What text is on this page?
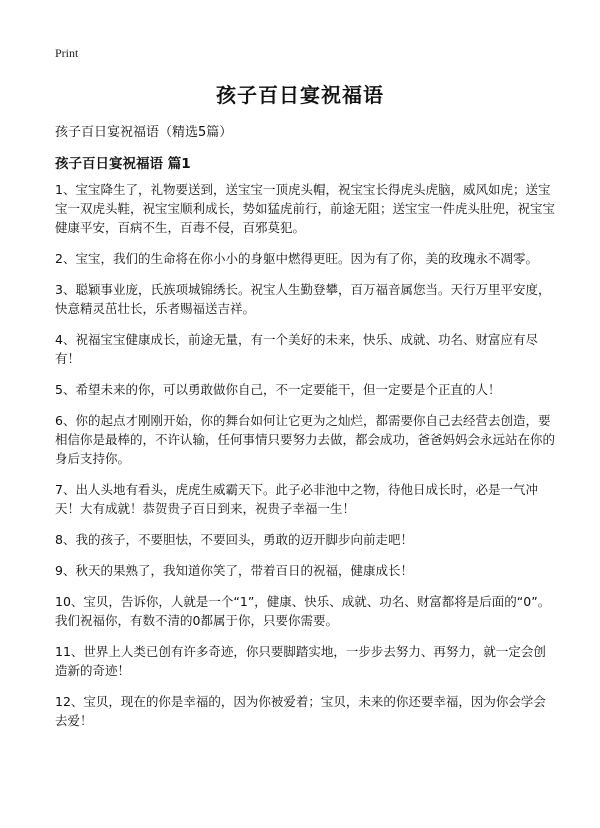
Print
孩子百日宴祝福语

孩子百日宴祝福语（精选5篇）

孩子百日宴祝福语 篇1
1、宝宝降生了，礼物要送到，送宝宝一顶虎头帽，祝宝宝长得虎头虎脑，威风如虎；送宝宝一双虎头鞋，祝宝宝顺利成长，势如猛虎前行，前途无阻；送宝宝一件虎头肚兜，祝宝宝健康平安，百病不生，百毒不侵，百邪莫犯。
2、宝宝，我们的生命将在你小小的身躯中燃得更旺。因为有了你，美的玫瑰永不凋零。
3、聪颖事业庞，氏族项城锦绣长。祝宝人生勤登攀，百万福音属您当。天行万里平安度，快意精灵茁壮长，乐者赐福送吉祥。
4、祝福宝宝健康成长，前途无量，有一个美好的未来，快乐、成就、功名、财富应有尽有！
5、希望未来的你，可以勇敢做你自己，不一定要能干，但一定要是个正直的人！
6、你的起点才刚刚开始，你的舞台如何让它更为之灿烂，都需要你自己去经营去创造，要相信你是最棒的，不许认输，任何事情只要努力去做，都会成功，爸爸妈妈会永远站在你的身后支持你。
7、出人头地有看头，虎虎生威霸天下。此子必非池中之物，待他日成长时，必是一气冲天！大有成就！恭贺贵子百日到来，祝贵子幸福一生！
8、我的孩子，不要胆怯，不要回头，勇敢的迈开脚步向前走吧！
9、秋天的果熟了，我知道你笑了，带着百日的祝福，健康成长！
10、宝贝，告诉你，人就是一个“1”，健康、快乐、成就、功名、财富都将是后面的“0”。我们祝福你，有数不清的0都属于你，只要你需要。
11、世界上人类已创有许多奇迹，你只要脚踏实地，一步步去努力、再努力，就一定会创造新的奇迹！
12、宝贝，现在的你是幸福的，因为你被爱着；宝贝，未来的你还要幸福，因为你会学会去爱！
